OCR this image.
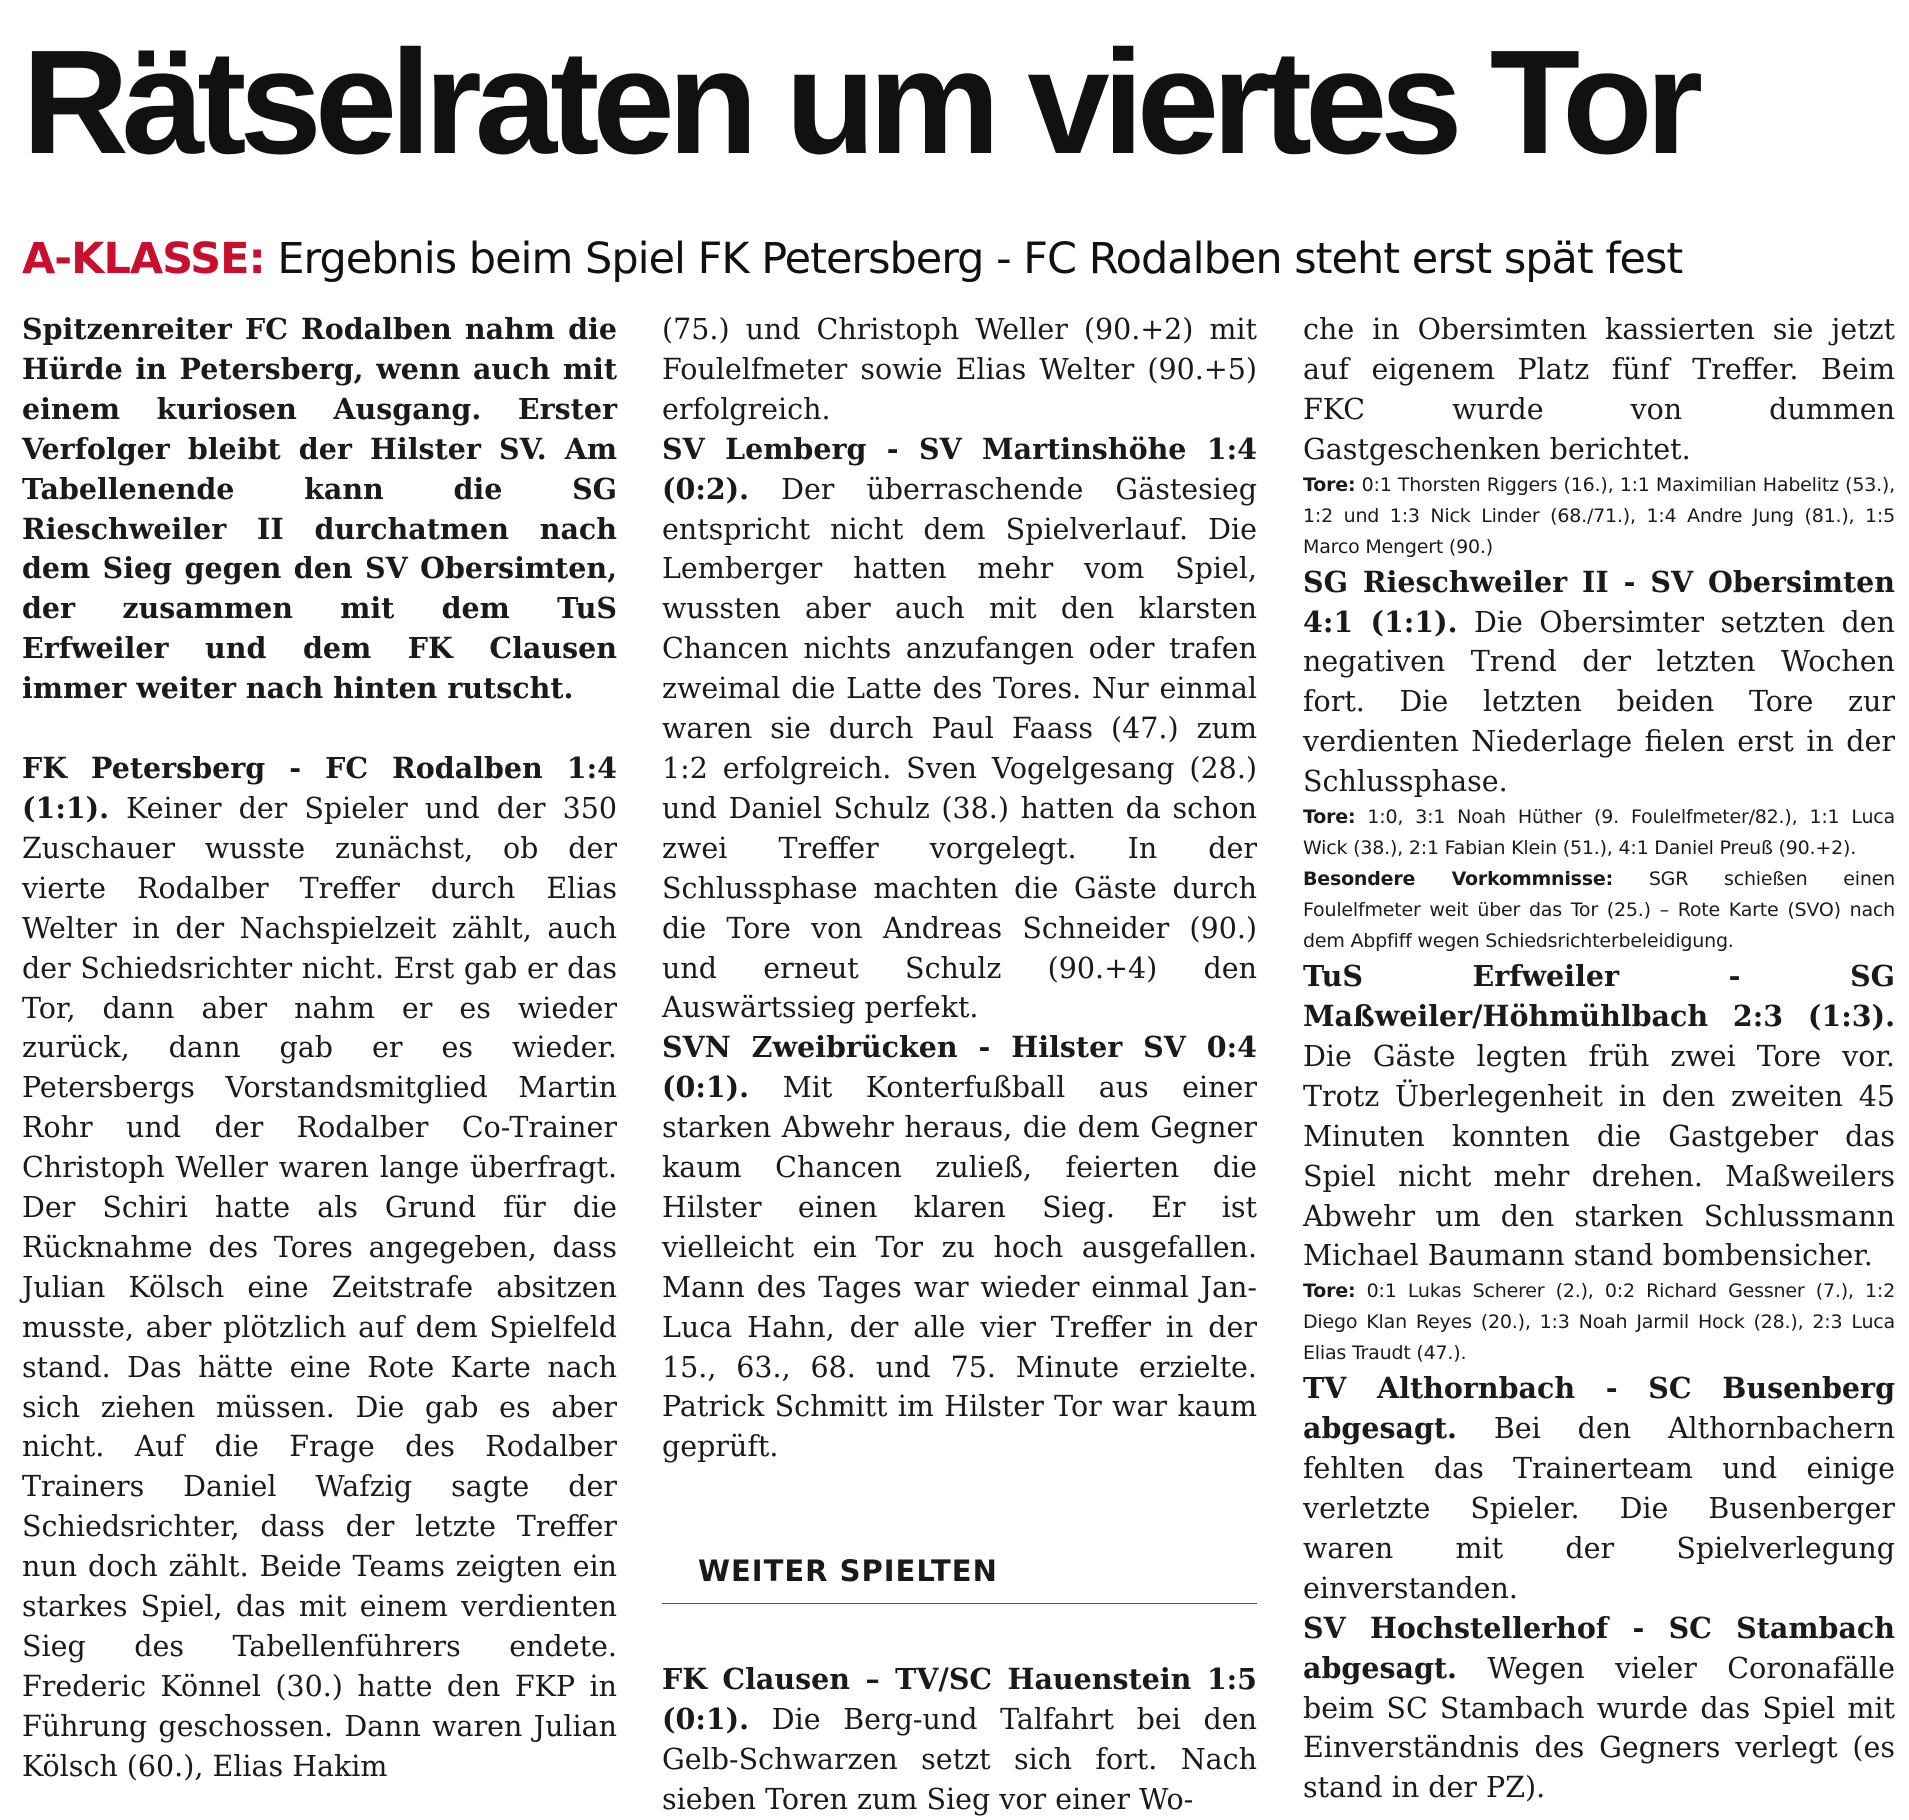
Rätselraten um viertes Tor
A-KLASSE: Ergebnis beim Spiel FK Petersberg - FC Rodalben steht erst spät fest

Spitzenreiter FC Rodalben nahm die Hürde in Petersberg, wenn auch mit einem kuriosen Ausgang. Erster Verfolger bleibt der Hilster SV. Am Tabellenende kann die SG Rieschweiler II durchatmen nach dem Sieg gegen den SV Obersimten, der zusammen mit dem TuS Erfweiler und dem FK Clausen immer weiter nach hinten rutscht.

FK Petersberg - FC Rodalben 1:4 (1:1). Keiner der Spieler und der 350 Zuschauer wusste zunächst, ob der vierte Rodalber Treffer durch Elias Welter in der Nachspielzeit zählt, auch der Schiedsrichter nicht. Erst gab er das Tor, dann aber nahm er es wieder zurück, dann gab er es wieder. Petersbergs Vorstandsmitglied Martin Rohr und der Rodalber Co-Trainer Christoph Weller waren lange überfragt. Der Schiri hatte als Grund für die Rücknahme des Tores angegeben, dass Julian Kölsch eine Zeitstrafe absitzen musste, aber plötzlich auf dem Spielfeld stand. Das hätte eine Rote Karte nach sich ziehen müssen. Die gab es aber nicht. Auf die Frage des Rodalber Trainers Daniel Wafzig sagte der Schiedsrichter, dass der letzte Treffer nun doch zählt. Beide Teams zeigten ein starkes Spiel, das mit einem verdienten Sieg des Tabellenführers endete. Frederic Könnel (30.) hatte den FKP in Führung geschossen. Dann waren Julian Kölsch (60.), Elias Hakim

(75.) und Christoph Weller (90.+2) mit Foulelfmeter sowie Elias Welter (90.+5) erfolgreich.

SV Lemberg - SV Martinshöhe 1:4 (0:2). Der überraschende Gästesieg entspricht nicht dem Spielverlauf. Die Lemberger hatten mehr vom Spiel, wussten aber auch mit den klarsten Chancen nichts anzufangen oder trafen zweimal die Latte des Tores. Nur einmal waren sie durch Paul Faass (47.) zum 1:2 erfolgreich. Sven Vogelgesang (28.) und Daniel Schulz (38.) hatten da schon zwei Treffer vorgelegt. In der Schlussphase machten die Gäste durch die Tore von Andreas Schneider (90.) und erneut Schulz (90.+4) den Auswärtssieg perfekt.

SVN Zweibrücken - Hilster SV 0:4 (0:1). Mit Konterfußball aus einer starken Abwehr heraus, die dem Gegner kaum Chancen zuließ, feierten die Hilster einen klaren Sieg. Er ist vielleicht ein Tor zu hoch ausgefallen. Mann des Tages war wieder einmal Jan-Luca Hahn, der alle vier Treffer in der 15., 63., 68. und 75. Minute erzielte. Patrick Schmitt im Hilster Tor war kaum geprüft.

WEITER SPIELTEN

FK Clausen – TV/SC Hauenstein 1:5 (0:1). Die Berg-und Talfahrt bei den Gelb-Schwarzen setzt sich fort. Nach sieben Toren zum Sieg vor einer Wo-

che in Obersimten kassierten sie jetzt auf eigenem Platz fünf Treffer. Beim FKC wurde von dummen Gastgeschenken berichtet.

Tore: 0:1 Thorsten Riggers (16.), 1:1 Maximilian Habelitz (53.), 1:2 und 1:3 Nick Linder (68./71.), 1:4 Andre Jung (81.), 1:5 Marco Mengert (90.)

SG Rieschweiler II - SV Obersimten 4:1 (1:1). Die Obersimter setzten den negativen Trend der letzten Wochen fort. Die letzten beiden Tore zur verdienten Niederlage fielen erst in der Schlussphase.

Tore: 1:0, 3:1 Noah Hüther (9. Foulelfmeter/82.), 1:1 Luca Wick (38.), 2:1 Fabian Klein (51.), 4:1 Daniel Preuß (90.+2).

Besondere Vorkommnisse: SGR schießen einen Foulelfmeter weit über das Tor (25.) – Rote Karte (SVO) nach dem Abpfiff wegen Schiedsrichterbeleidigung.

TuS Erfweiler - SG Maßweiler/Höhmühlbach 2:3 (1:3). Die Gäste legten früh zwei Tore vor. Trotz Überlegenheit in den zweiten 45 Minuten konnten die Gastgeber das Spiel nicht mehr drehen. Maßweilers Abwehr um den starken Schlussmann Michael Baumann stand bombensicher.

Tore: 0:1 Lukas Scherer (2.), 0:2 Richard Gessner (7.), 1:2 Diego Klan Reyes (20.), 1:3 Noah Jarmil Hock (28.), 2:3 Luca Elias Traudt (47.).

TV Althornbach - SC Busenberg abgesagt. Bei den Althornbachern fehlten das Trainerteam und einige verletzte Spieler. Die Busenberger waren mit der Spielverlegung einverstanden.

SV Hochstellerhof - SC Stambach abgesagt. Wegen vieler Coronafälle beim SC Stambach wurde das Spiel mit Einverständnis des Gegners verlegt (es stand in der PZ).
